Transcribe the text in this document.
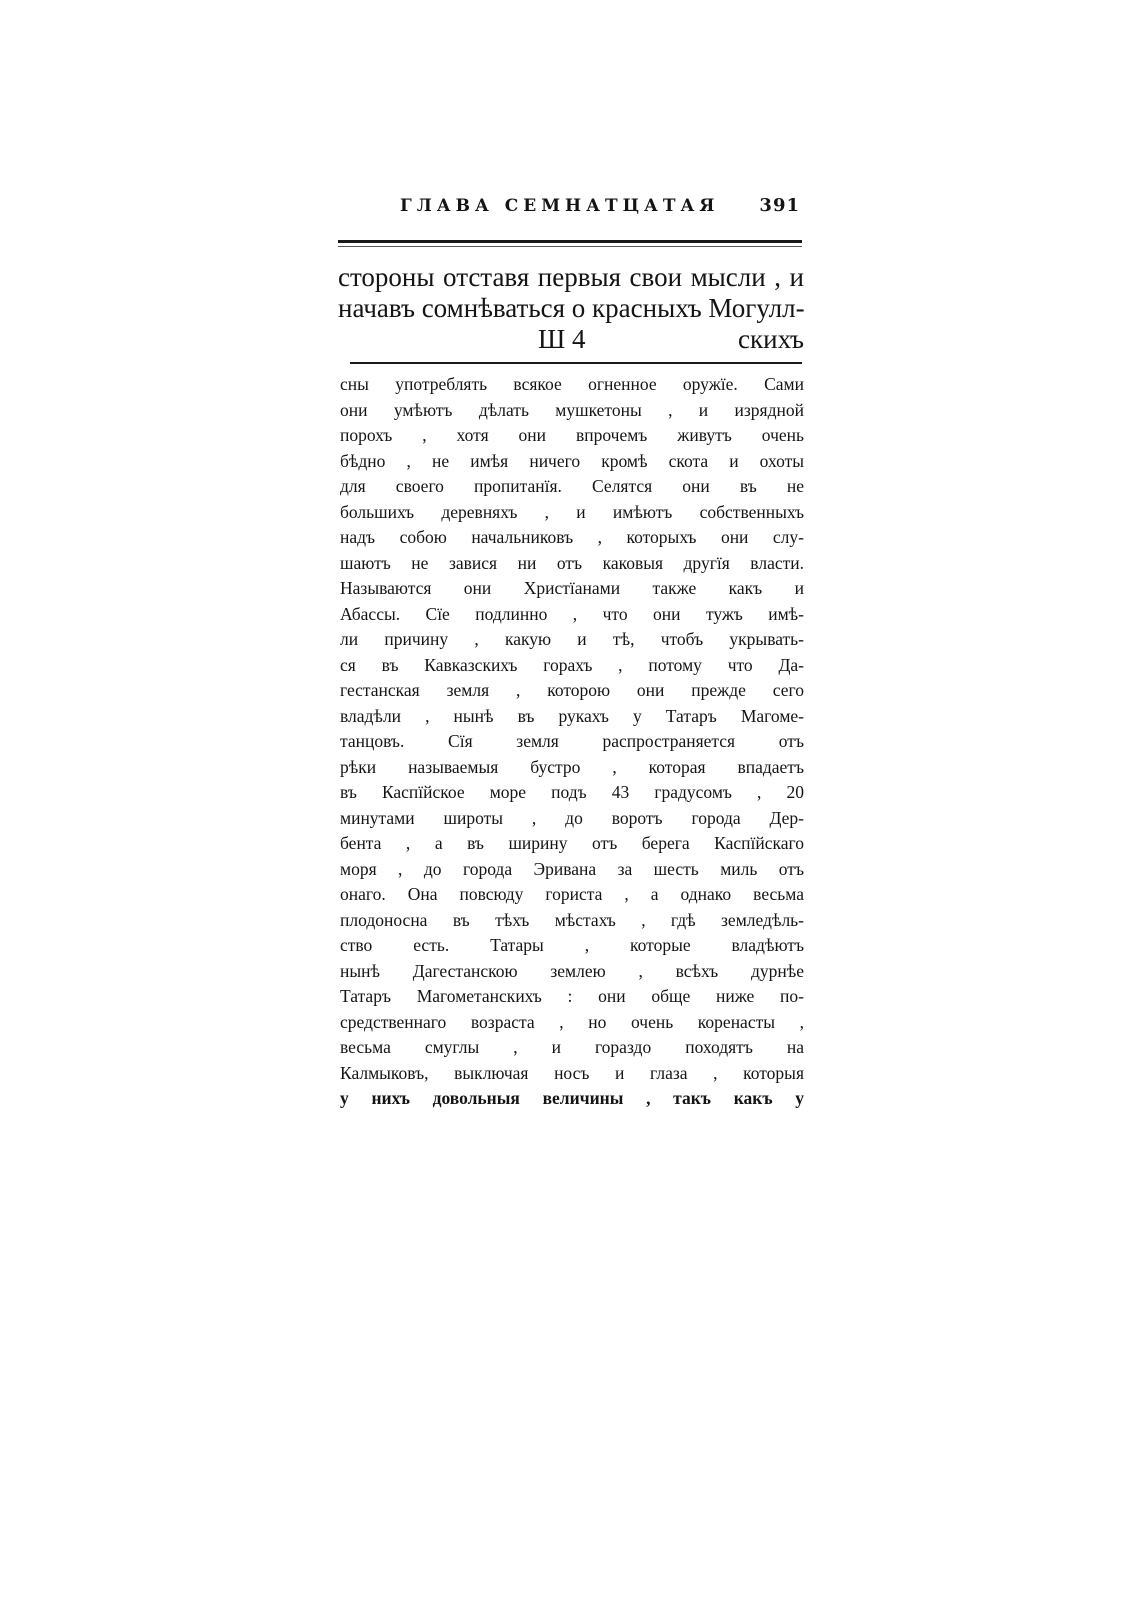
ГЛАВА СЕМНАТЦАТАЯ 391
стороны отставя первыя свои мысли , и
начавъ сомнѣваться о красныхъ Могулл-
Ш 4	скихъ
сны употреблять всякое огненное оружїе. Сами
они умѣютъ дѣлать мушкетоны , и изрядной
порохъ , хотя они впрочемъ живутъ очень
бѣдно , не имѣя ничего кромѣ скота и охоты
для своего пропитанїя. Селятся они въ не
большихъ деревняхъ , и имѣютъ собственныхъ
надъ собою начальниковъ , которыхъ они слу-
шаютъ не завися ни отъ каковыя другїя власти.
Называются они Христїанами также какъ и
Абассы. Сїе подлинно , что они тужъ имѣ-
ли причину , какую и тѣ, чтобъ укрывать-
ся въ Кавказскихъ горахъ , потому что Да-
гестанская земля , которою они прежде сего
владѣли , нынѣ въ рукахъ у Татаръ Магоме-
танцовъ. Сїя земля распространяется отъ
рѣки называемыя бустро , которая впадаетъ
въ Каспїйское море подъ 43 градусомъ , 20
минутами широты , до воротъ города Дер-
бента , а въ ширину отъ берега Каспїйскаго
моря , до города Эривана за шесть миль отъ
онаго. Она повсюду гориста , а однако весьма
плодоносна въ тѣхъ мѣстахъ , гдѣ земледѣль-
ство есть. Татары , которые владѣютъ
нынѣ Дагестанскою землею , всѣхъ дурнѣе
Татаръ Магометанскихъ : они обще ниже по-
средственнаго возраста , но очень коренасты ,
весьма смуглы , и гораздо походятъ на
Калмыковъ, выключая носъ и глаза , которыя
у нихъ довольныя величины , такъ какъ у
